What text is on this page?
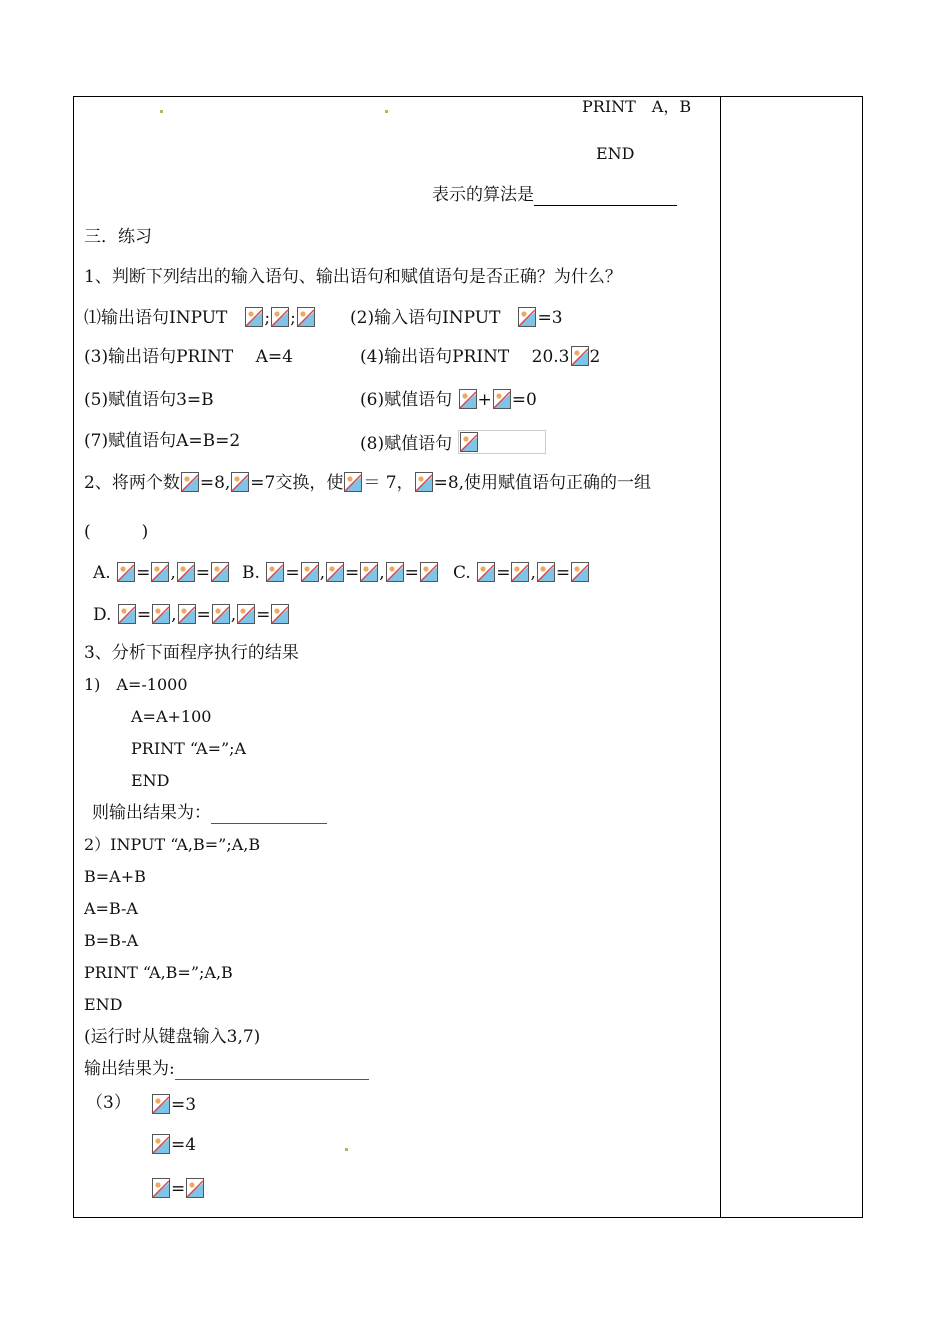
PRINT　A，B
END
表示的算法是
三．练习
1、判断下列结出的输入语句、输出语句和赋值语句是否正确？为什么？
⑴输出语句INPUT　 ; ;	(2)输入语句INPUT　 =3
(3)输出语句PRINT　 A=4	(4)输出语句PRINT　 20.3 2
(5)赋值语句3=B	(6)赋值语句 + =0
(7)赋值语句A=B=2	(8)赋值语句
2、将两个数 =8, =7交换，使 ＝ 7， =8,使用赋值语句正确的一组
(　　　)
A. = , =	B. = , = , =	C. = , =
D. = , = , =
3、分析下面程序执行的结果
1)　A=-1000
A=A+100
PRINT “A=”;A
END
则输出结果为：
2）INPUT “A,B=”;A,B
B=A+B
A=B-A
B=B-A
PRINT “A,B=”;A,B
END
(运行时从键盘输入3,7)
输出结果为:
（3）	=3
=4
=
